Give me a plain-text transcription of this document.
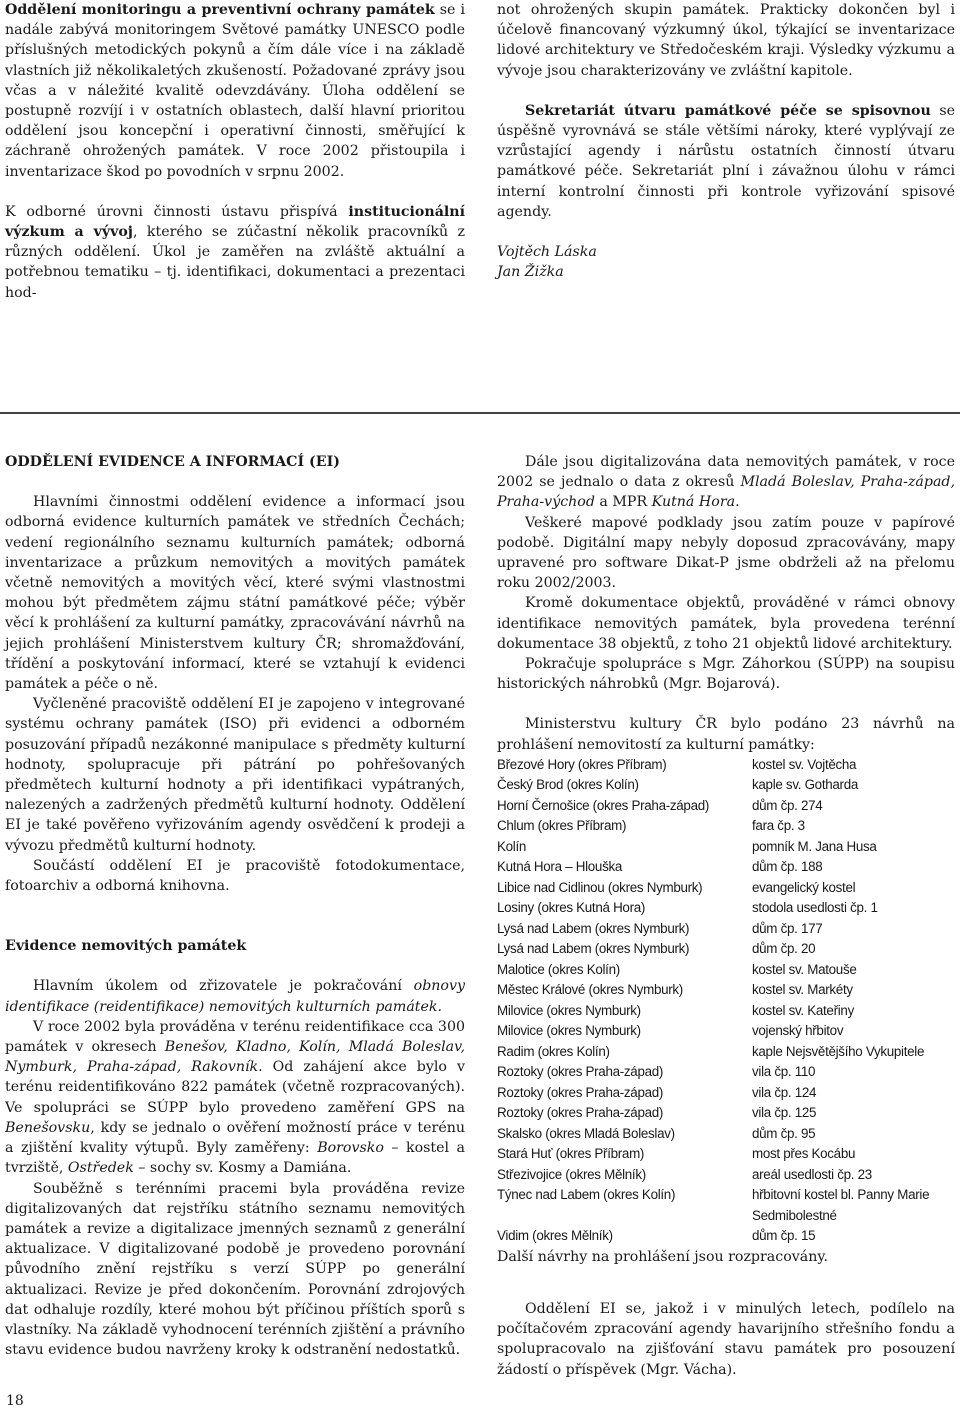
Oddělení monitoringu a preventivní ochrany památek se i nadále zabývá monitoringem Světové památky UNESCO podle příslušných metodických pokynů a čím dále více i na základě vlastních již několikaletých zkušeností. Požadované zprávy jsou včas a v náležité kvalitě odevzdávány. Úloha oddělení se postupně rozvíjí i v ostatních oblastech, další hlavní prioritou oddělení jsou koncepční i operativní činnosti, směřující k záchraně ohrožených památek. V roce 2002 přistoupila i inventarizace škod po povodních v srpnu 2002.

K odborné úrovni činnosti ústavu přispívá institucionální výzkum a vývoj, kterého se zúčastní několik pracovníků z různých oddělení. Úkol je zaměřen na zvláště aktuální a potřebnou tematiku – tj. identifikaci, dokumentaci a prezentaci hod-

not ohrožených skupin památek. Prakticky dokončen byl i účelově financovaný výzkumný úkol, týkající se inventarizace lidové architektury ve Středočeském kraji. Výsledky výzkumu a vývoje jsou charakterizovány ve zvláštní kapitole.

Sekretariát útvaru památkové péče se spisovnou se úspěšně vyrovnává se stále většími nároky, které vyplývají ze vzrůstající agendy i nárůstu ostatních činností útvaru památkové péče. Sekretariát plní i závažnou úlohu v rámci interní kontrolní činnosti při kontrole vyřizování spisové agendy.

Vojtěch Láska

Jan Žižka

ODDĚLENÍ EVIDENCE A INFORMACÍ (EI)

Hlavními činnostmi oddělení evidence a informací jsou odborná evidence kulturních památek ve středních Čechách; vedení regionálního seznamu kulturních památek; odborná inventarizace a průzkum nemovitých a movitých památek včetně nemovitých a movitých věcí, které svými vlastnostmi mohou být předmětem zájmu státní památkové péče; výběr věcí k prohlášení za kulturní památky, zpracovávání návrhů na jejich prohlášení Ministerstvem kultury ČR; shromažďování, třídění a poskytování informací, které se vztahují k evidenci památek a péče o ně.

Vyčleněné pracoviště oddělení EI je zapojeno v integrované systému ochrany památek (ISO) při evidenci a odborném posuzování případů nezákonné manipulace s předměty kulturní hodnoty, spolupracuje při pátrání po pohřešovaných předmětech kulturní hodnoty a při identifikaci vypátraných, nalezených a zadržených předmětů kulturní hodnoty. Oddělení EI je také pověřeno vyřizováním agendy osvědčení k prodeji a vývozu předmětů kulturní hodnoty.

Součástí oddělení EI je pracoviště fotodokumentace, fotoarchiv a odborná knihovna.

Evidence nemovitých památek

Hlavním úkolem od zřizovatele je pokračování obnovy identifikace (reidentifikace) nemovitých kulturních památek.

V roce 2002 byla prováděna v terénu reidentifikace cca 300 památek v okresech Benešov, Kladno, Kolín, Mladá Boleslav, Nymburk, Praha-západ, Rakovník. Od zahájení akce bylo v terénu reidentifikováno 822 památek (včetně rozpracovaných). Ve spolupráci se SÚPP bylo provedeno zaměření GPS na Benešovsku, kdy se jednalo o ověření možností práce v terénu a zjištění kvality výtupů. Byly zaměřeny: Borovsko – kostel a tvrziště, Ostředek – sochy sv. Kosmy a Damiána.

Souběžně s terénními pracemi byla prováděna revize digitalizovaných dat rejstříku státního seznamu nemovitých památek a revize a digitalizace jmenných seznamů z generální aktualizace. V digitalizované podobě je provedeno porovnání původního znění rejstříku s verzí SÚPP po generální aktualizaci. Revize je před dokončením. Porovnání zdrojových dat odhaluje rozdíly, které mohou být příčinou příštích sporů s vlastníky. Na základě vyhodnocení terénních zjištění a právního stavu evidence budou navrženy kroky k odstranění nedostatků.

Dále jsou digitalizována data nemovitých památek, v roce 2002 se jednalo o data z okresů Mladá Boleslav, Praha-západ, Praha-východ a MPR Kutná Hora.

Veškeré mapové podklady jsou zatím pouze v papírové podobě. Digitální mapy nebyly doposud zpracovávány, mapy upravené pro software Dikat-P jsme obdrželi až na přelomu roku 2002/2003.

Kromě dokumentace objektů, prováděné v rámci obnovy identifikace nemovitých památek, byla provedena terénní dokumentace 38 objektů, z toho 21 objektů lidové architektury.

Pokračuje spolupráce s Mgr. Záhorkou (SÚPP) na soupisu historických náhrobků (Mgr. Bojarová).

Ministerstvu kultury ČR bylo podáno 23 návrhů na prohlášení nemovitostí za kulturní památky:

Březové Hory (okres Příbram)	kostel sv. Vojtěcha
Český Brod (okres Kolín)	kaple sv. Gotharda
Horní Černošice (okres Praha-západ)	dům čp. 274
Chlum (okres Příbram)	fara čp. 3
Kolín	pomník M. Jana Husa
Kutná Hora – Hlouška	dům čp. 188
Libice nad Cidlinou (okres Nymburk)	evangelický kostel
Losiny (okres Kutná Hora)	stodola usedlosti čp. 1
Lysá nad Labem (okres Nymburk)	dům čp. 177
Lysá nad Labem (okres Nymburk)	dům čp. 20
Malotice (okres Kolín)	kostel sv. Matouše
Městec Králové (okres Nymburk)	kostel sv. Markéty
Milovice (okres Nymburk)	kostel sv. Kateřiny
Milovice (okres Nymburk)	vojenský hřbitov
Radim (okres Kolín)	kaple Nejsvětějšího Vykupitele
Roztoky (okres Praha-západ)	vila čp. 110
Roztoky (okres Praha-západ)	vila čp. 124
Roztoky (okres Praha-západ)	vila čp. 125
Skalsko (okres Mladá Boleslav)	dům čp. 95
Stará Huť (okres Příbram)	most přes Kocábu
Střezivojice (okres Mělník)	areál usedlosti čp. 23
Týnec nad Labem (okres Kolín)	hřbitovní kostel bl. Panny Marie Sedmibolestné
Vidim (okres Mělník)	dům čp. 15

Další návrhy na prohlášení jsou rozpracovány.

Oddělení EI se, jakož i v minulých letech, podílelo na počítačovém zpracování agendy havarijního střešního fondu a spolupracovalo na zjišťování stavu památek pro posouzení žádostí o příspěvek (Mgr. Vácha).

18
